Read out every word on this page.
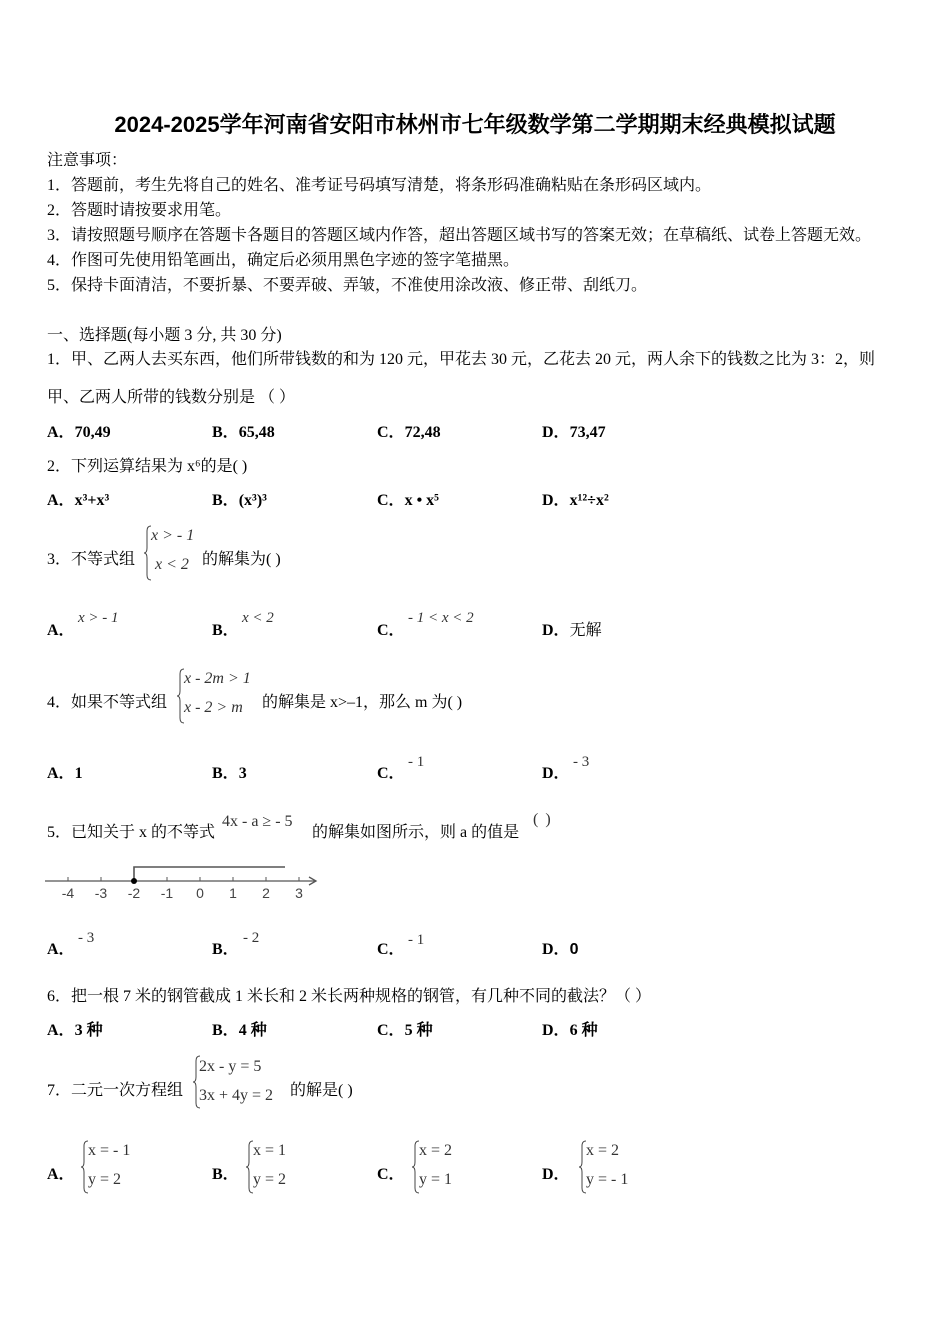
2024-2025学年河南省安阳市林州市七年级数学第二学期期末经典模拟试题
注意事项：
1．答题前，考生先将自己的姓名、准考证号码填写清楚，将条形码准确粘贴在条形码区域内。
2．答题时请按要求用笔。
3．请按照题号顺序在答题卡各题目的答题区域内作答，超出答题区域书写的答案无效；在草稿纸、试卷上答题无效。
4．作图可先使用铅笔画出，确定后必须用黑色字迹的签字笔描黑。
5．保持卡面清洁，不要折暴、不要弄破、弄皱，不准使用涂改液、修正带、刮纸刀。
一、选择题(每小题 3 分, 共 30 分)
1．甲、乙两人去买东西，他们所带钱数的和为 120 元，甲花去 30 元，乙花去 20 元，两人余下的钱数之比为 3：2，则
甲、乙两人所带的钱数分别是 （ ）
A．70,49	B．65,48	C．72,48	D．73,47
2．下列运算结果为 x⁶的是( )
A．x³+x³	B．(x³)³	C．x • x⁵	D．x¹²÷x²
3．不等式组
x > - 1
x < 2 的解集为( )
A．
x > - 1
B．
x < 2
C．
- 1 < x < 2
D．无解
4．如果不等式组
x - 2m > 1
x - 2 > m 的解集是 x>–1，那么 m 为( )
A．1	B．3	C．
- 1
D．
- 3
5．已知关于 x 的不等式
4x - a ≥ - 5
的解集如图所示，则 a 的值是
( )
-4 -3 -2 -1 0 1 2 3
A．
- 3
B．
- 2
C．
- 1
D．0
6．把一根 7 米的钢管截成 1 米长和 2 米长两种规格的钢管，有几种不同的截法？（ ）
A．3 种	B．4 种	C．5 种	D．6 种
7．二元一次方程组
2x - y = 5
3x + 4y = 2 的解是( )
A．
x = - 1
y = 2	B．
x = 1
y = 2	C．
x = 2
y = 1	D．
x = 2
y = - 1
